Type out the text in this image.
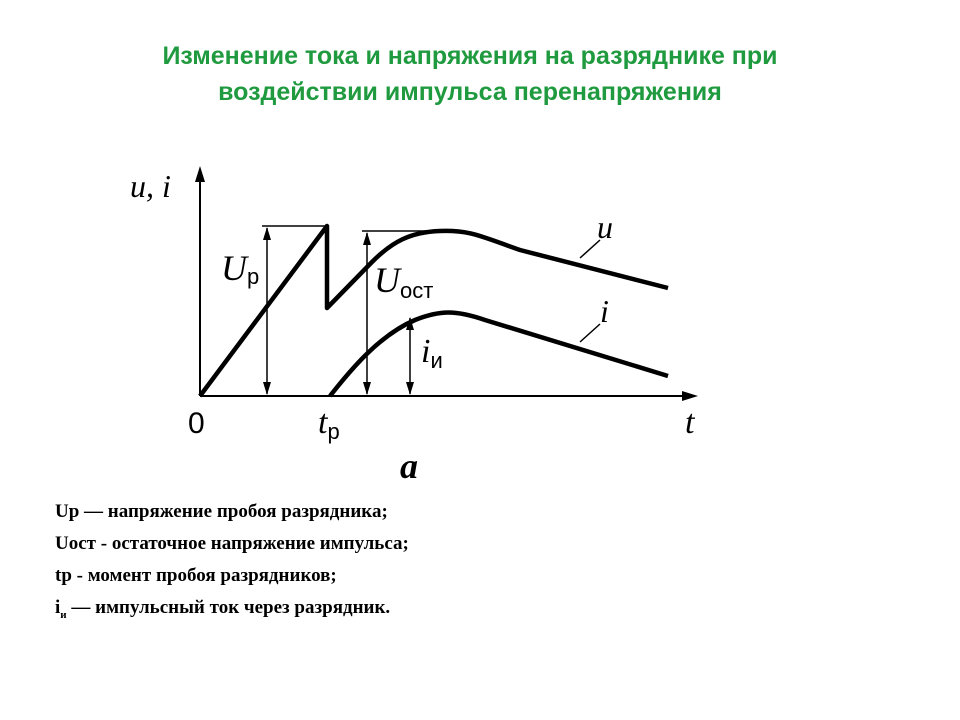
Изменение тока и напряжения на разряднике при
воздействии импульса перенапряжения
u, i
0	t
tр
Uр	Uост
iи
u
i
а
Uр — напряжение пробоя разрядника;
Uост - остаточное напряжение импульса;
tр - момент пробоя разрядников;
$i_и$ — импульсный ток через разрядник.
